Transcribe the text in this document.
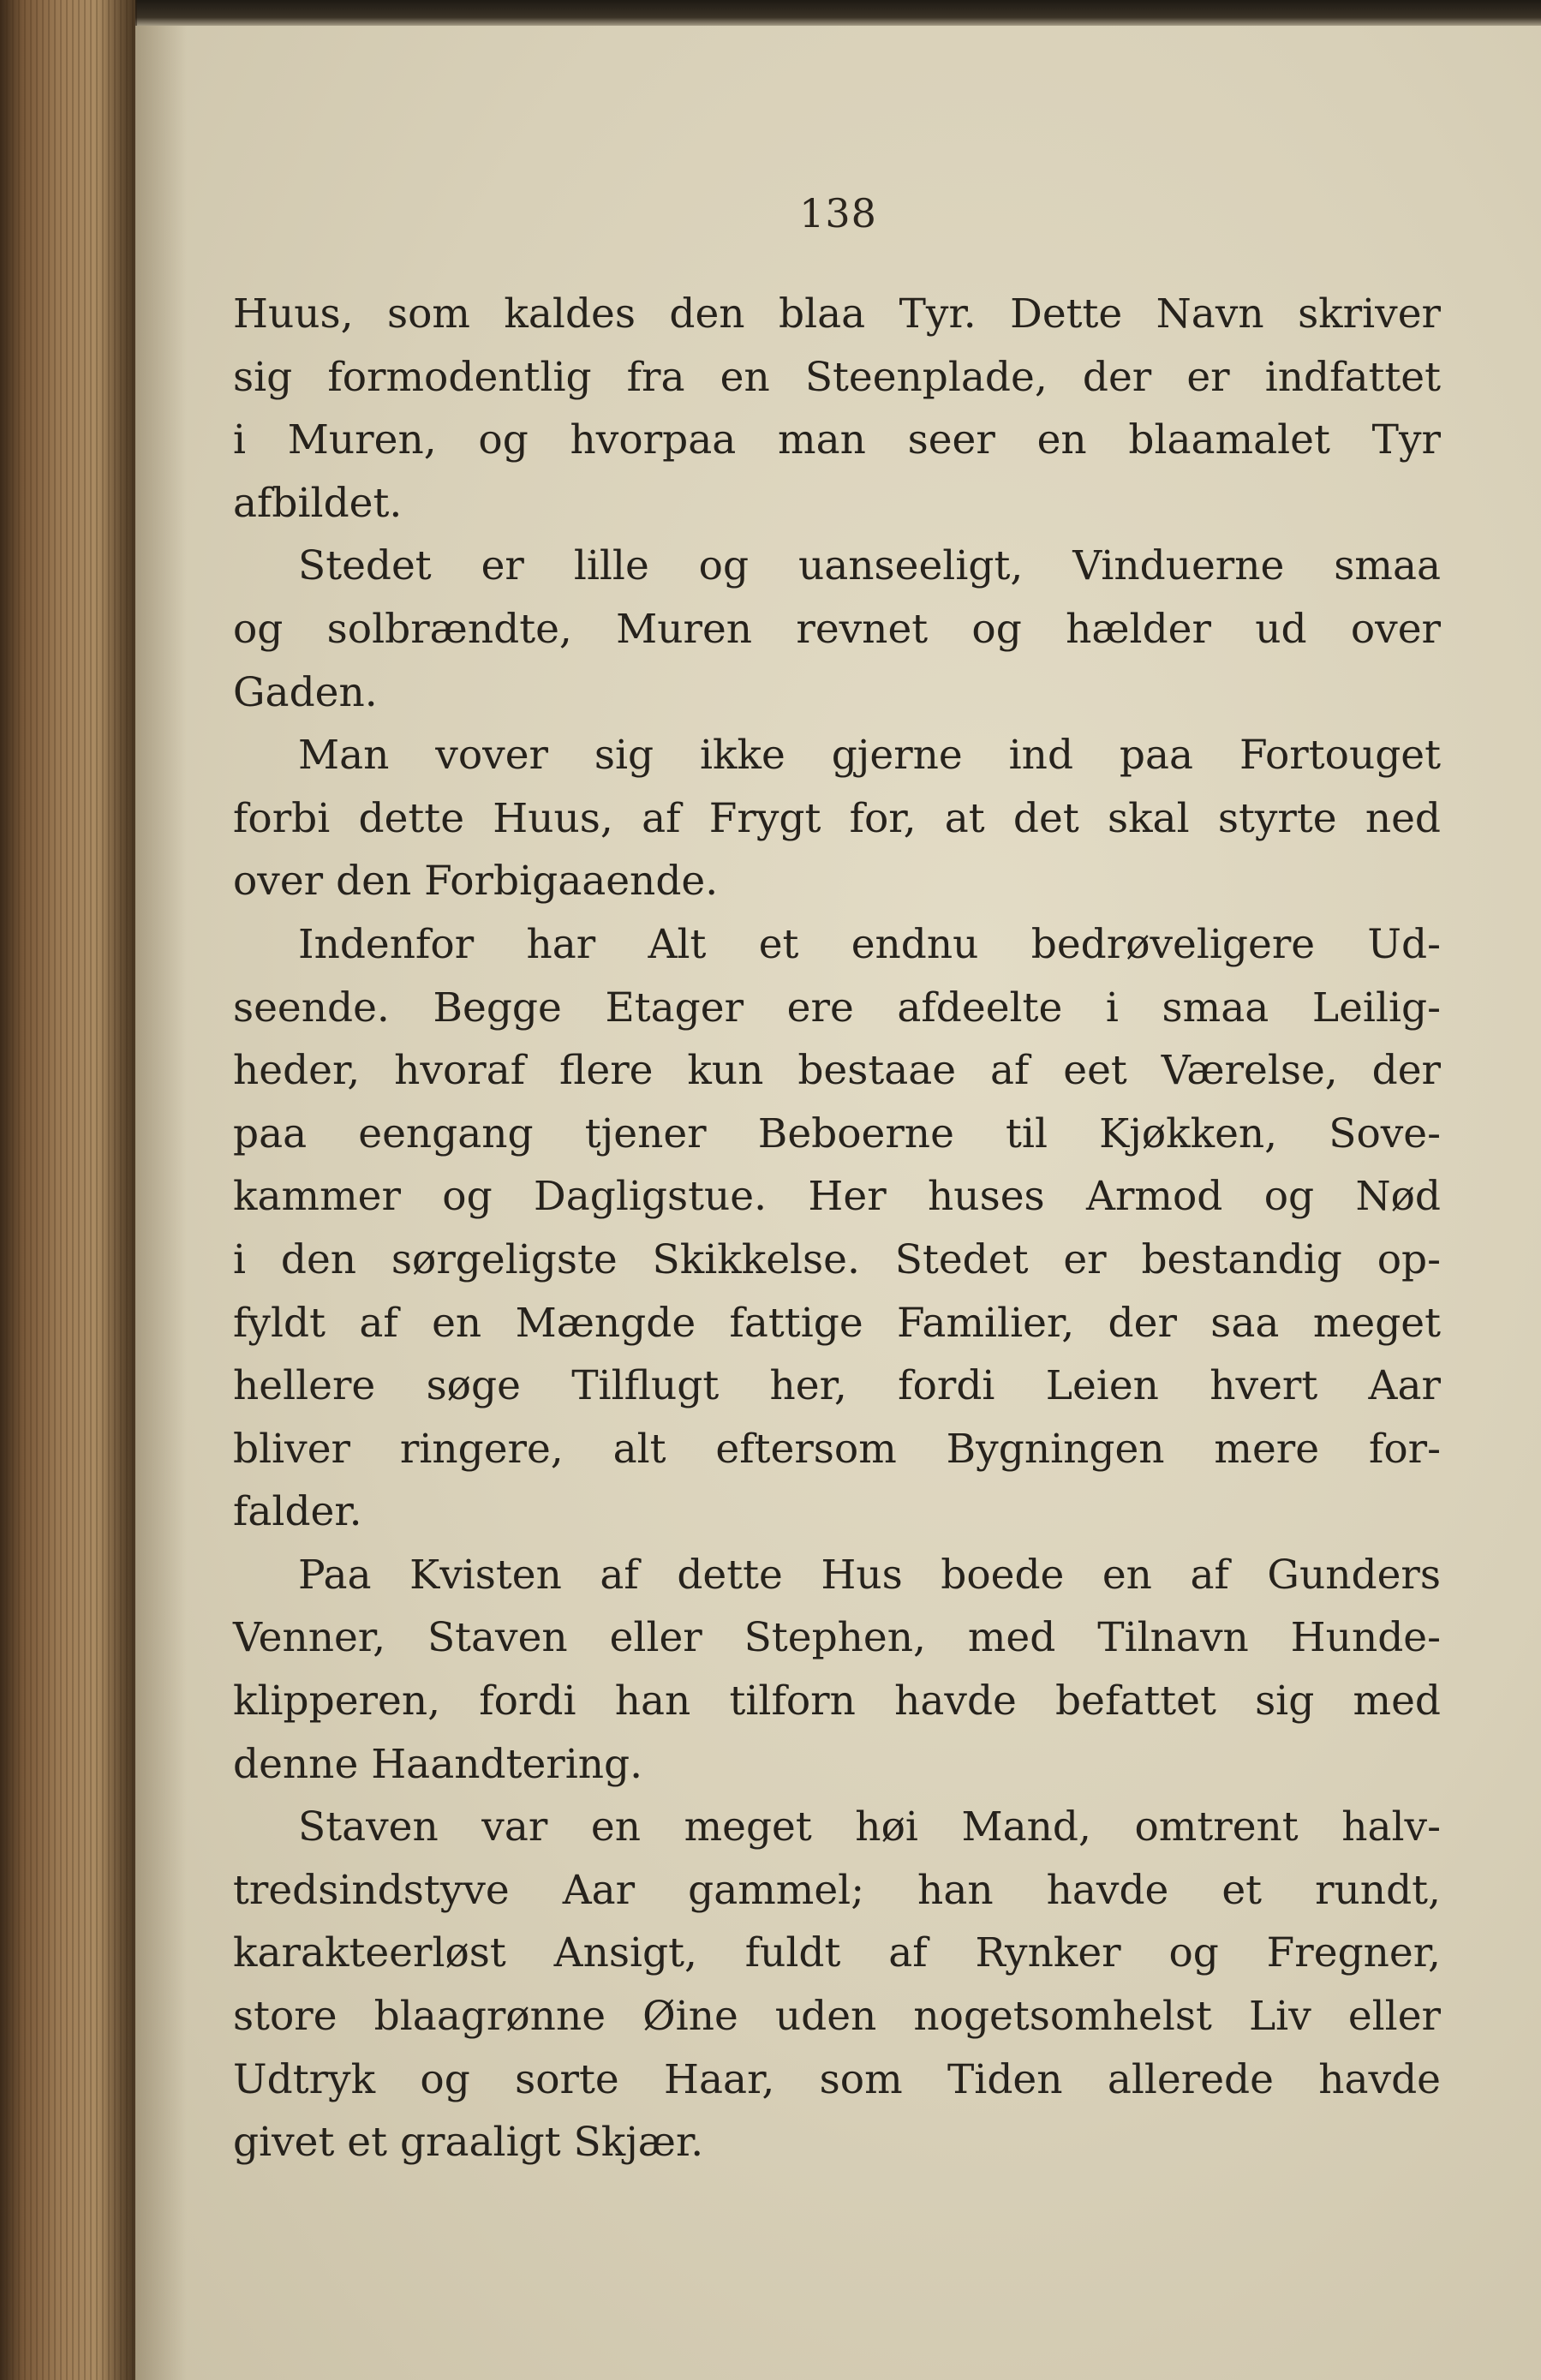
138
Huus, som kaldes den blaa Tyr. Dette Navn skriver
sig formodentlig fra en Steenplade, der er indfattet
i Muren, og hvorpaa man seer en blaamalet Tyr
afbildet.
Stedet er lille og uanseeligt, Vinduerne smaa
og solbrændte, Muren revnet og hælder ud over
Gaden.
Man vover sig ikke gjerne ind paa Fortouget
forbi dette Huus, af Frygt for, at det skal styrte ned
over den Forbigaaende.
Indenfor har Alt et endnu bedrøveligere Ud-
seende. Begge Etager ere afdeelte i smaa Leilig-
heder, hvoraf flere kun bestaae af eet Værelse, der
paa eengang tjener Beboerne til Kjøkken, Sove-
kammer og Dagligstue. Her huses Armod og Nød
i den sørgeligste Skikkelse. Stedet er bestandig op-
fyldt af en Mængde fattige Familier, der saa meget
hellere søge Tilflugt her, fordi Leien hvert Aar
bliver ringere, alt eftersom Bygningen mere for-
falder.
Paa Kvisten af dette Hus boede en af Gunders
Venner, Staven eller Stephen, med Tilnavn Hunde-
klipperen, fordi han tilforn havde befattet sig med
denne Haandtering.
Staven var en meget høi Mand, omtrent halv-
tredsindstyve Aar gammel; han havde et rundt,
karakteerløst Ansigt, fuldt af Rynker og Fregner,
store blaagrønne Øine uden nogetsomhelst Liv eller
Udtryk og sorte Haar, som Tiden allerede havde
givet et graaligt Skjær.
